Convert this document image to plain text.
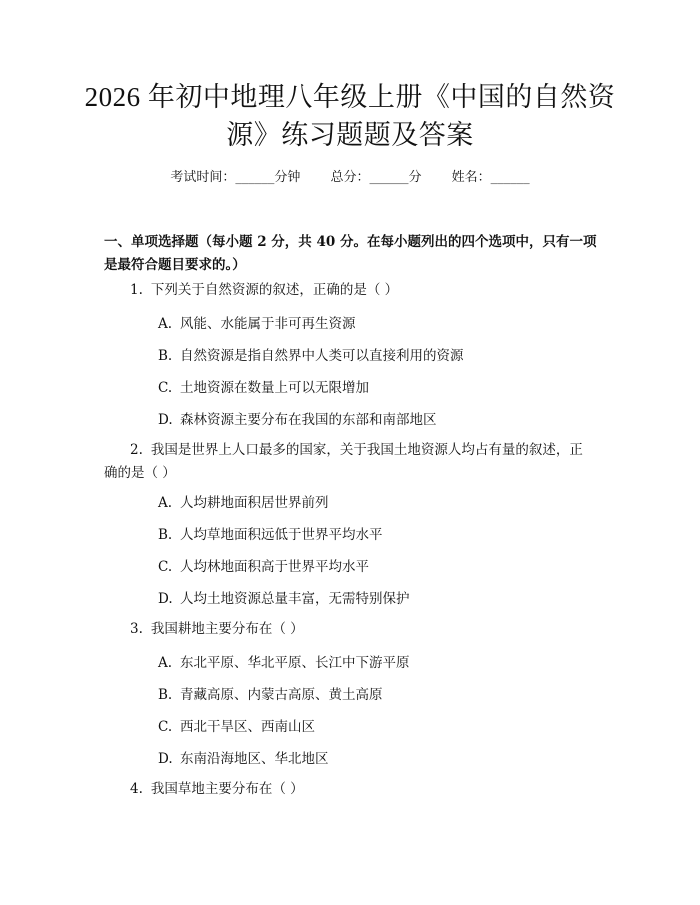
2026 年初中地理八年级上册《中国的自然资
源》练习题题及答案
考试时间：______分钟 总分：______分 姓名：______
一、单项选择题（每小题 2 分，共 40 分。在每小题列出的四个选项中，只有一项是最符合题目要求的。）
1. 下列关于自然资源的叙述，正确的是（ ）
A. 风能、水能属于非可再生资源
B. 自然资源是指自然界中人类可以直接利用的资源
C. 土地资源在数量上可以无限增加
D. 森林资源主要分布在我国的东部和南部地区
2. 我国是世界上人口最多的国家，关于我国土地资源人均占有量的叙述，正
确的是（ ）
A. 人均耕地面积居世界前列
B. 人均草地面积远低于世界平均水平
C. 人均林地面积高于世界平均水平
D. 人均土地资源总量丰富，无需特别保护
3. 我国耕地主要分布在（ ）
A. 东北平原、华北平原、长江中下游平原
B. 青藏高原、内蒙古高原、黄土高原
C. 西北干旱区、西南山区
D. 东南沿海地区、华北地区
4. 我国草地主要分布在（ ）
